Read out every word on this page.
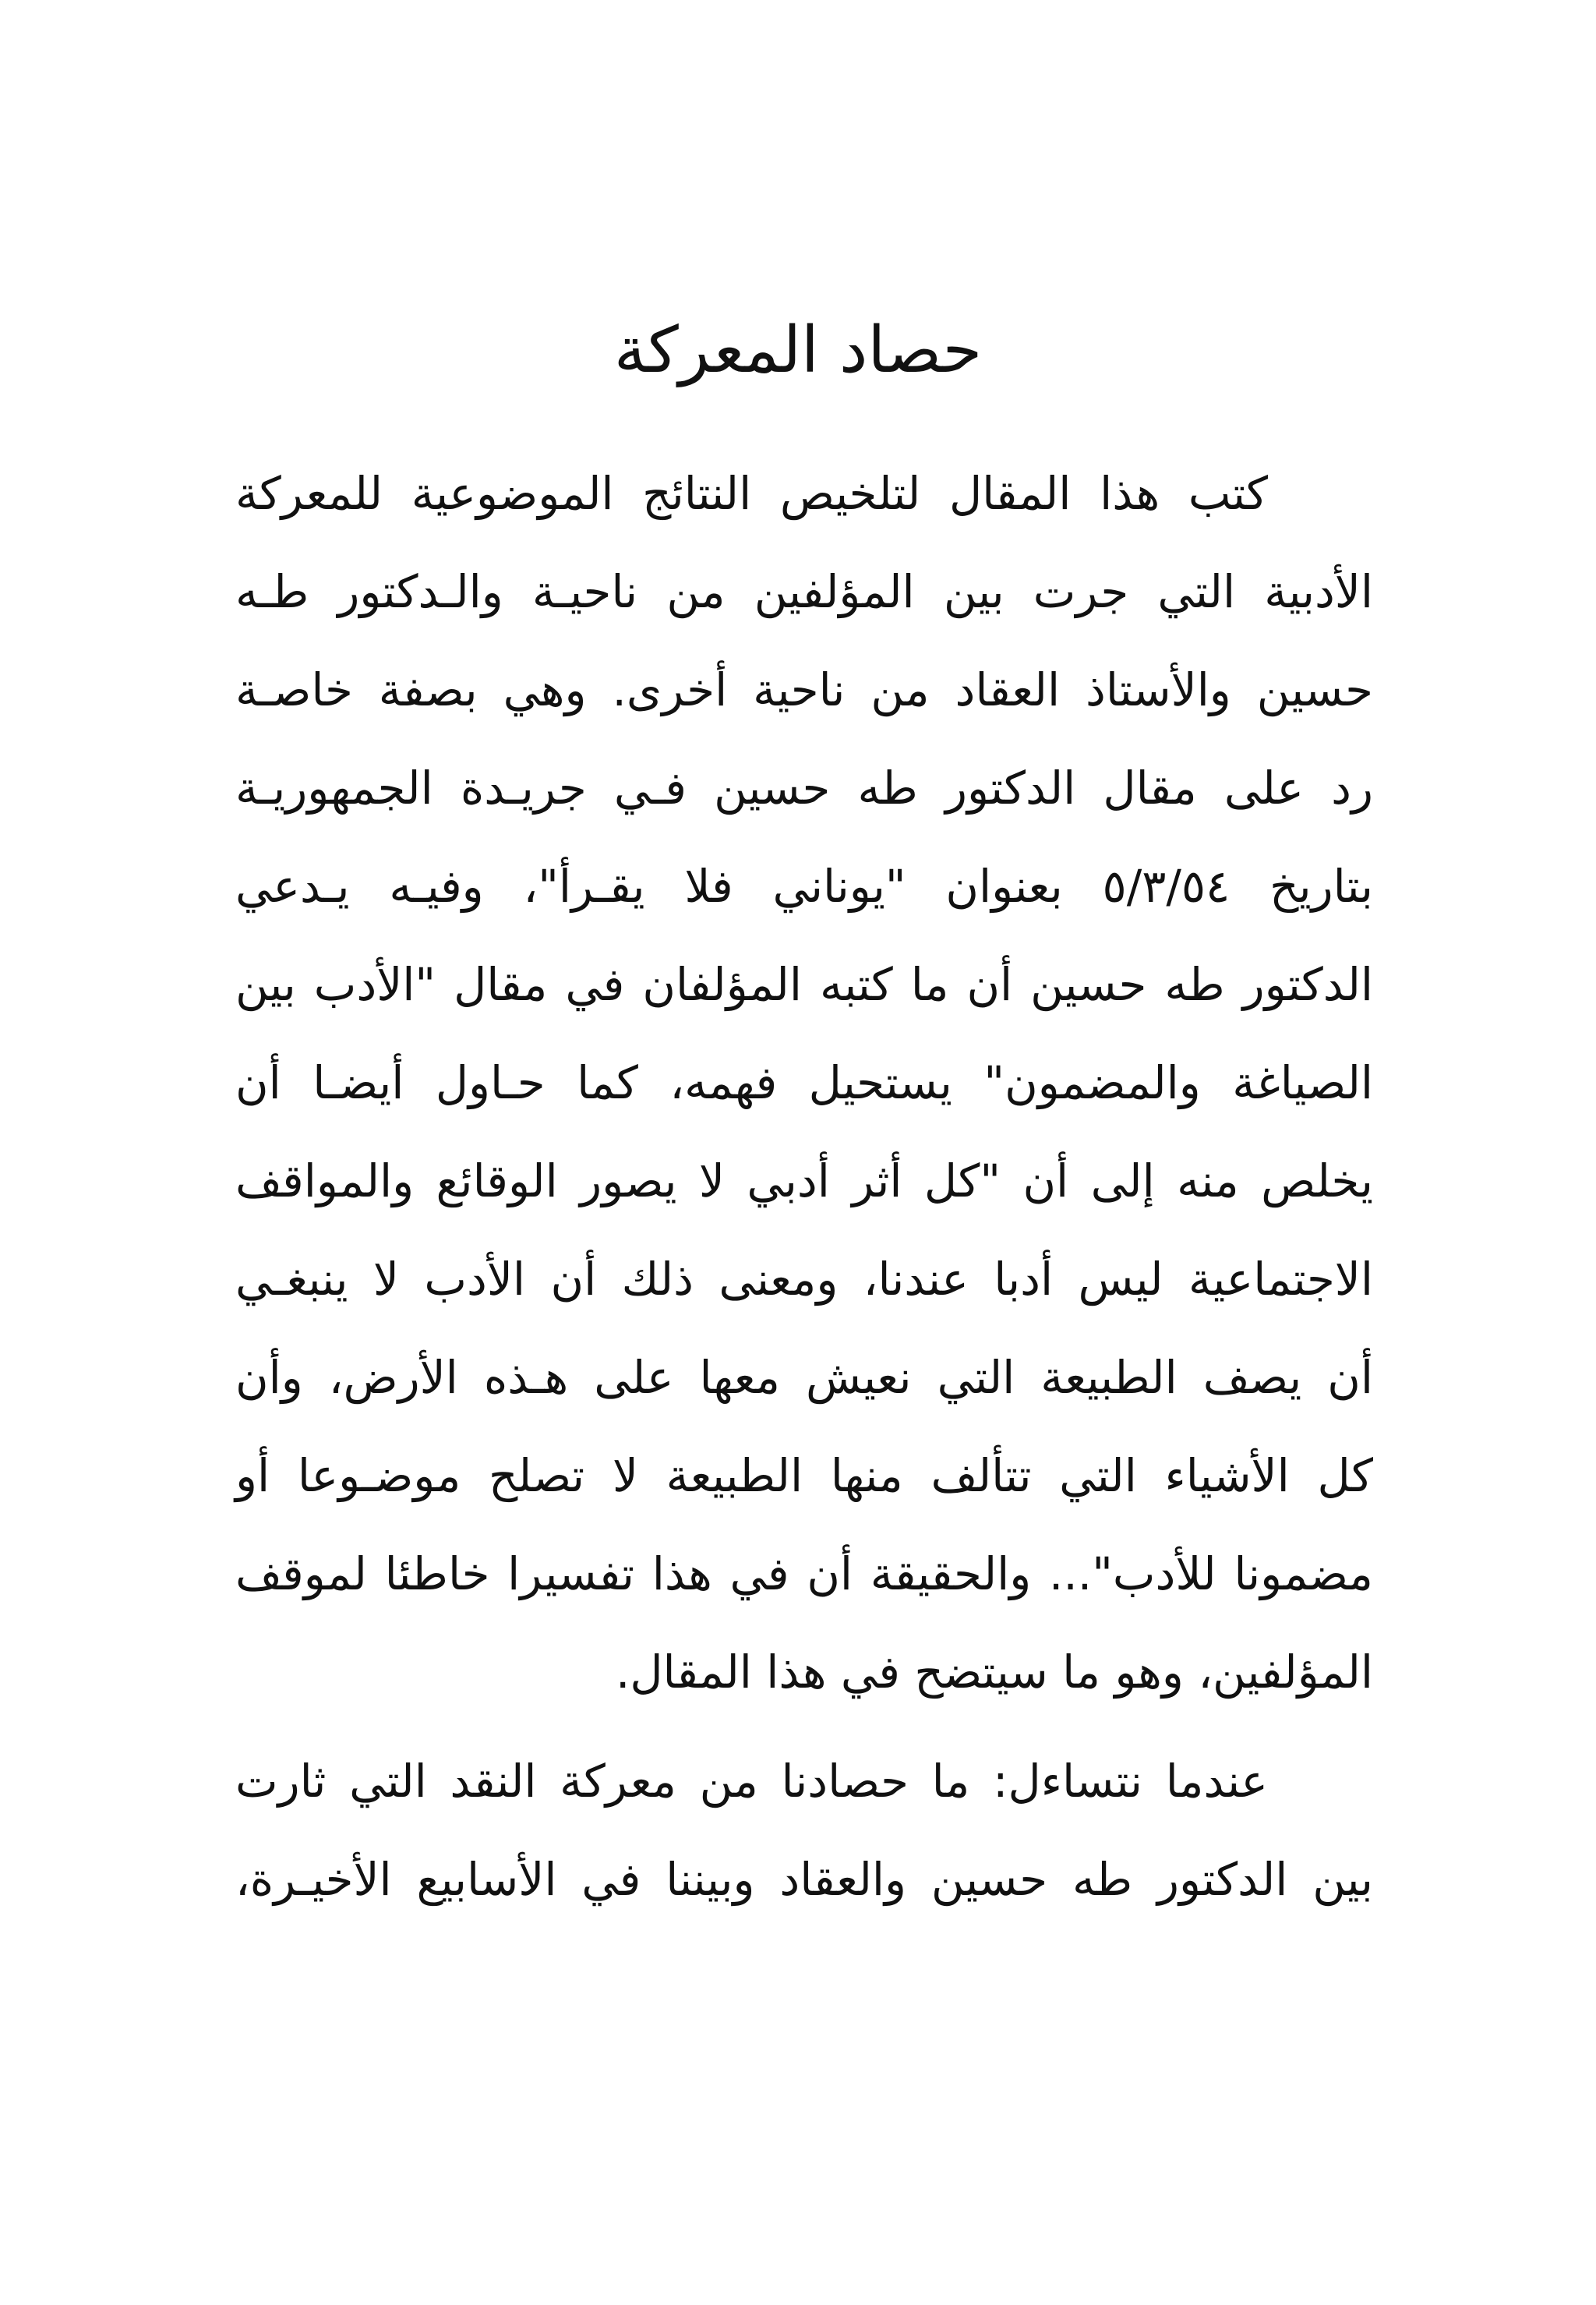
حصاد المعركة
كتب هذا المقال لتلخيص النتائج الموضوعية للمعركة
الأدبية التي جرت بين المؤلفين من ناحيـة والـدكتور طـه
حسين والأستاذ العقاد من ناحية أخرى. وهي بصفة خاصـة
رد على مقال الدكتور طه حسين فـي جريـدة الجمهوريـة
بتاريخ ٥/٣/٥٤ بعنوان "يوناني فلا يقـرأ"، وفيـه يـدعي
الدكتور طه حسين أن ما كتبه المؤلفان في مقال "الأدب بين
الصياغة والمضمون" يستحيل فهمه، كما حـاول أيضـا أن
يخلص منه إلى أن "كل أثر أدبي لا يصور الوقائع والمواقف
الاجتماعية ليس أدبا عندنا، ومعنى ذلك أن الأدب لا ينبغـي
أن يصف الطبيعة التي نعيش معها على هـذه الأرض، وأن
كل الأشياء التي تتألف منها الطبيعة لا تصلح موضـوعا أو
مضمونا للأدب"... والحقيقة أن في هذا تفسيرا خاطئا لموقف
المؤلفين، وهو ما سيتضح في هذا المقال.
عندما نتساءل: ما حصادنا من معركة النقد التي ثارت
بين الدكتور طه حسين والعقاد وبيننا في الأسابيع الأخيـرة،
